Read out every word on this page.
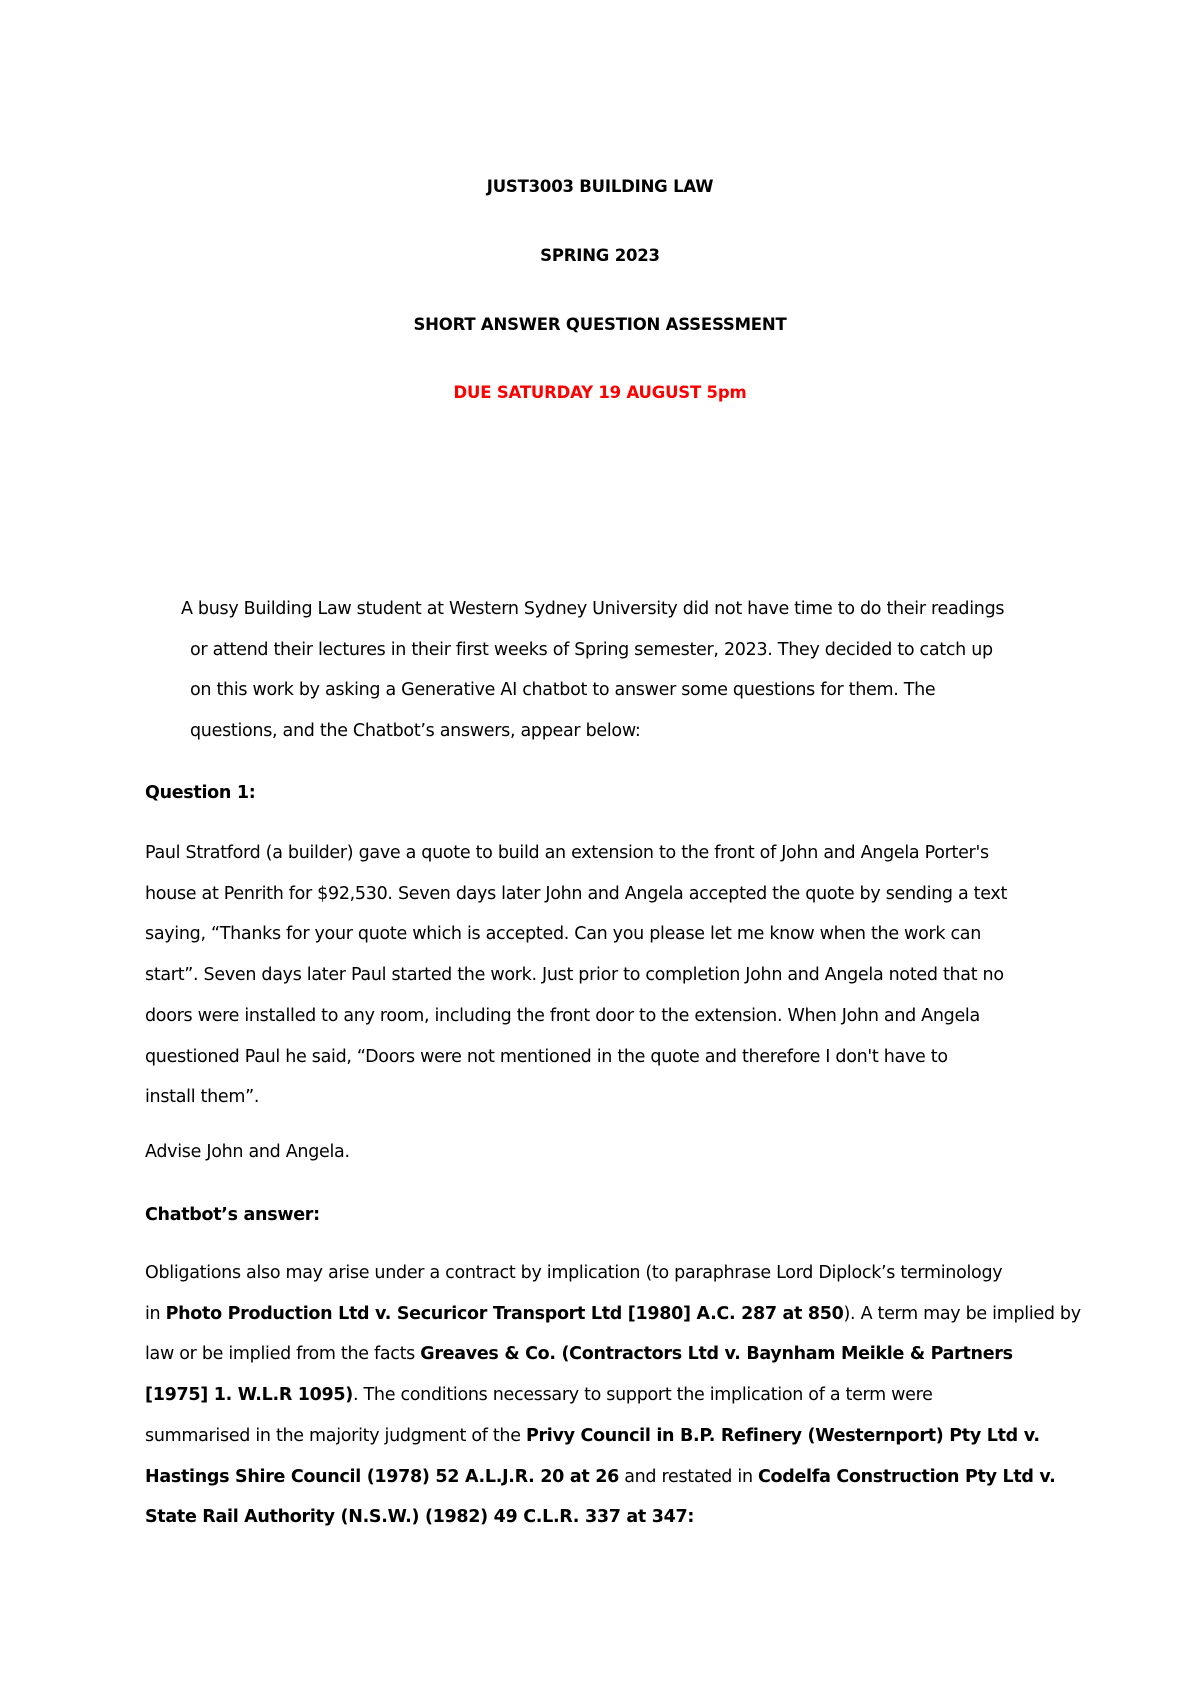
JUST3003 BUILDING LAW
SPRING 2023
SHORT ANSWER QUESTION ASSESSMENT
DUE SATURDAY 19 AUGUST 5pm

A busy Building Law student at Western Sydney University did not have time to do their readings

or attend their lectures in their first weeks of Spring semester, 2023. They decided to catch up

on this work by asking a Generative AI chatbot to answer some questions for them. The

questions, and the Chatbot’s answers, appear below:

Question 1:

Paul Stratford (a builder) gave a quote to build an extension to the front of John and Angela Porter's

house at Penrith for $92,530. Seven days later John and Angela accepted the quote by sending a text

saying, “Thanks for your quote which is accepted. Can you please let me know when the work can

start”. Seven days later Paul started the work. Just prior to completion John and Angela noted that no

doors were installed to any room, including the front door to the extension. When John and Angela

questioned Paul he said, “Doors were not mentioned in the quote and therefore I don't have to

install them”.

Advise John and Angela.
Chatbot’s answer:

Obligations also may arise under a contract by implication (to paraphrase Lord Diplock’s terminology

in Photo Production Ltd v. Securicor Transport Ltd [1980] A.C. 287 at 850). A term may be implied by

law or be implied from the facts Greaves & Co. (Contractors Ltd v. Baynham Meikle & Partners

[1975] 1. W.L.R 1095). The conditions necessary to support the implication of a term were

summarised in the majority judgment of the Privy Council in B.P. Refinery (Westernport) Pty Ltd v.

Hastings Shire Council (1978) 52 A.L.J.R. 20 at 26 and restated in Codelfa Construction Pty Ltd v.

State Rail Authority (N.S.W.) (1982) 49 C.L.R. 337 at 347:
